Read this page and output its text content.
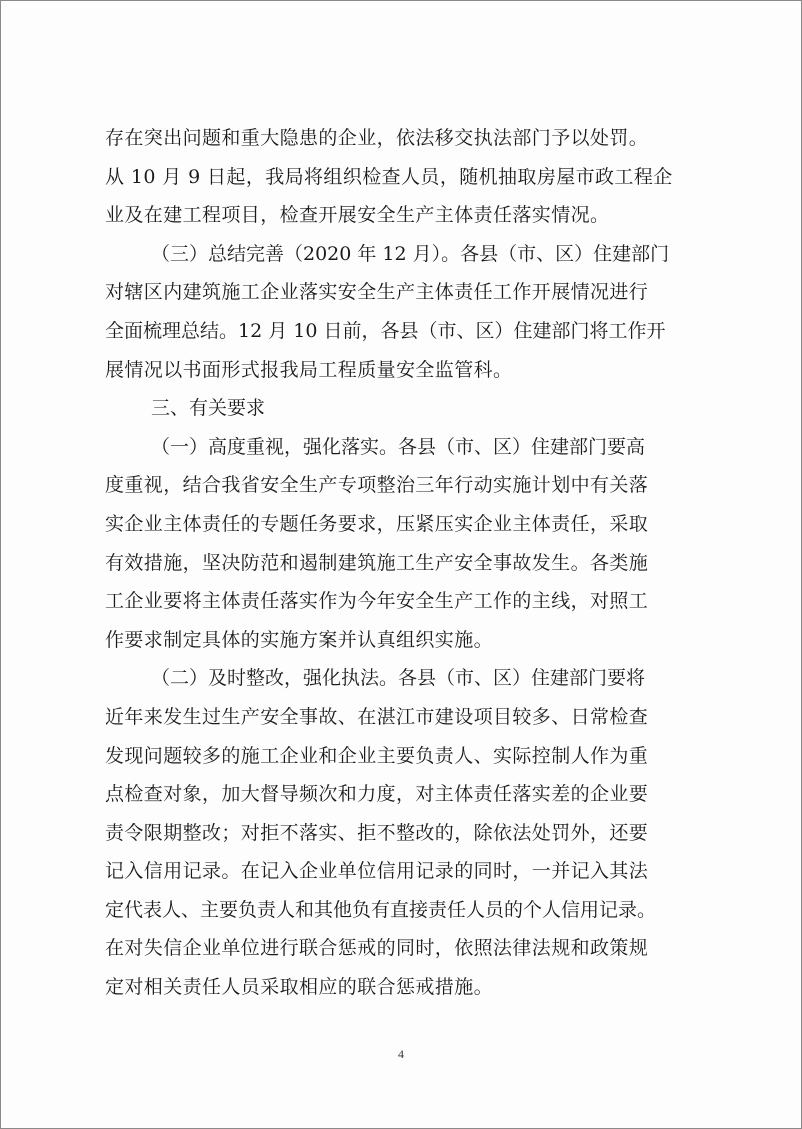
存在突出问题和重大隐患的企业，依法移交执法部门予以处罚。
从 10 月 9 日起，我局将组织检查人员，随机抽取房屋市政工程企
业及在建工程项目，检查开展安全生产主体责任落实情况。
（三）总结完善（2020 年 12 月）。各县（市、区）住建部门
对辖区内建筑施工企业落实安全生产主体责任工作开展情况进行
全面梳理总结。12 月 10 日前，各县（市、区）住建部门将工作开
展情况以书面形式报我局工程质量安全监管科。
三、有关要求
（一）高度重视，强化落实。各县（市、区）住建部门要高
度重视，结合我省安全生产专项整治三年行动实施计划中有关落
实企业主体责任的专题任务要求，压紧压实企业主体责任，采取
有效措施，坚决防范和遏制建筑施工生产安全事故发生。各类施
工企业要将主体责任落实作为今年安全生产工作的主线，对照工
作要求制定具体的实施方案并认真组织实施。
（二）及时整改，强化执法。各县（市、区）住建部门要将
近年来发生过生产安全事故、在湛江市建设项目较多、日常检查
发现问题较多的施工企业和企业主要负责人、实际控制人作为重
点检查对象，加大督导频次和力度，对主体责任落实差的企业要
责令限期整改；对拒不落实、拒不整改的，除依法处罚外，还要
记入信用记录。在记入企业单位信用记录的同时，一并记入其法
定代表人、主要负责人和其他负有直接责任人员的个人信用记录。
在对失信企业单位进行联合惩戒的同时，依照法律法规和政策规
定对相关责任人员采取相应的联合惩戒措施。
4
